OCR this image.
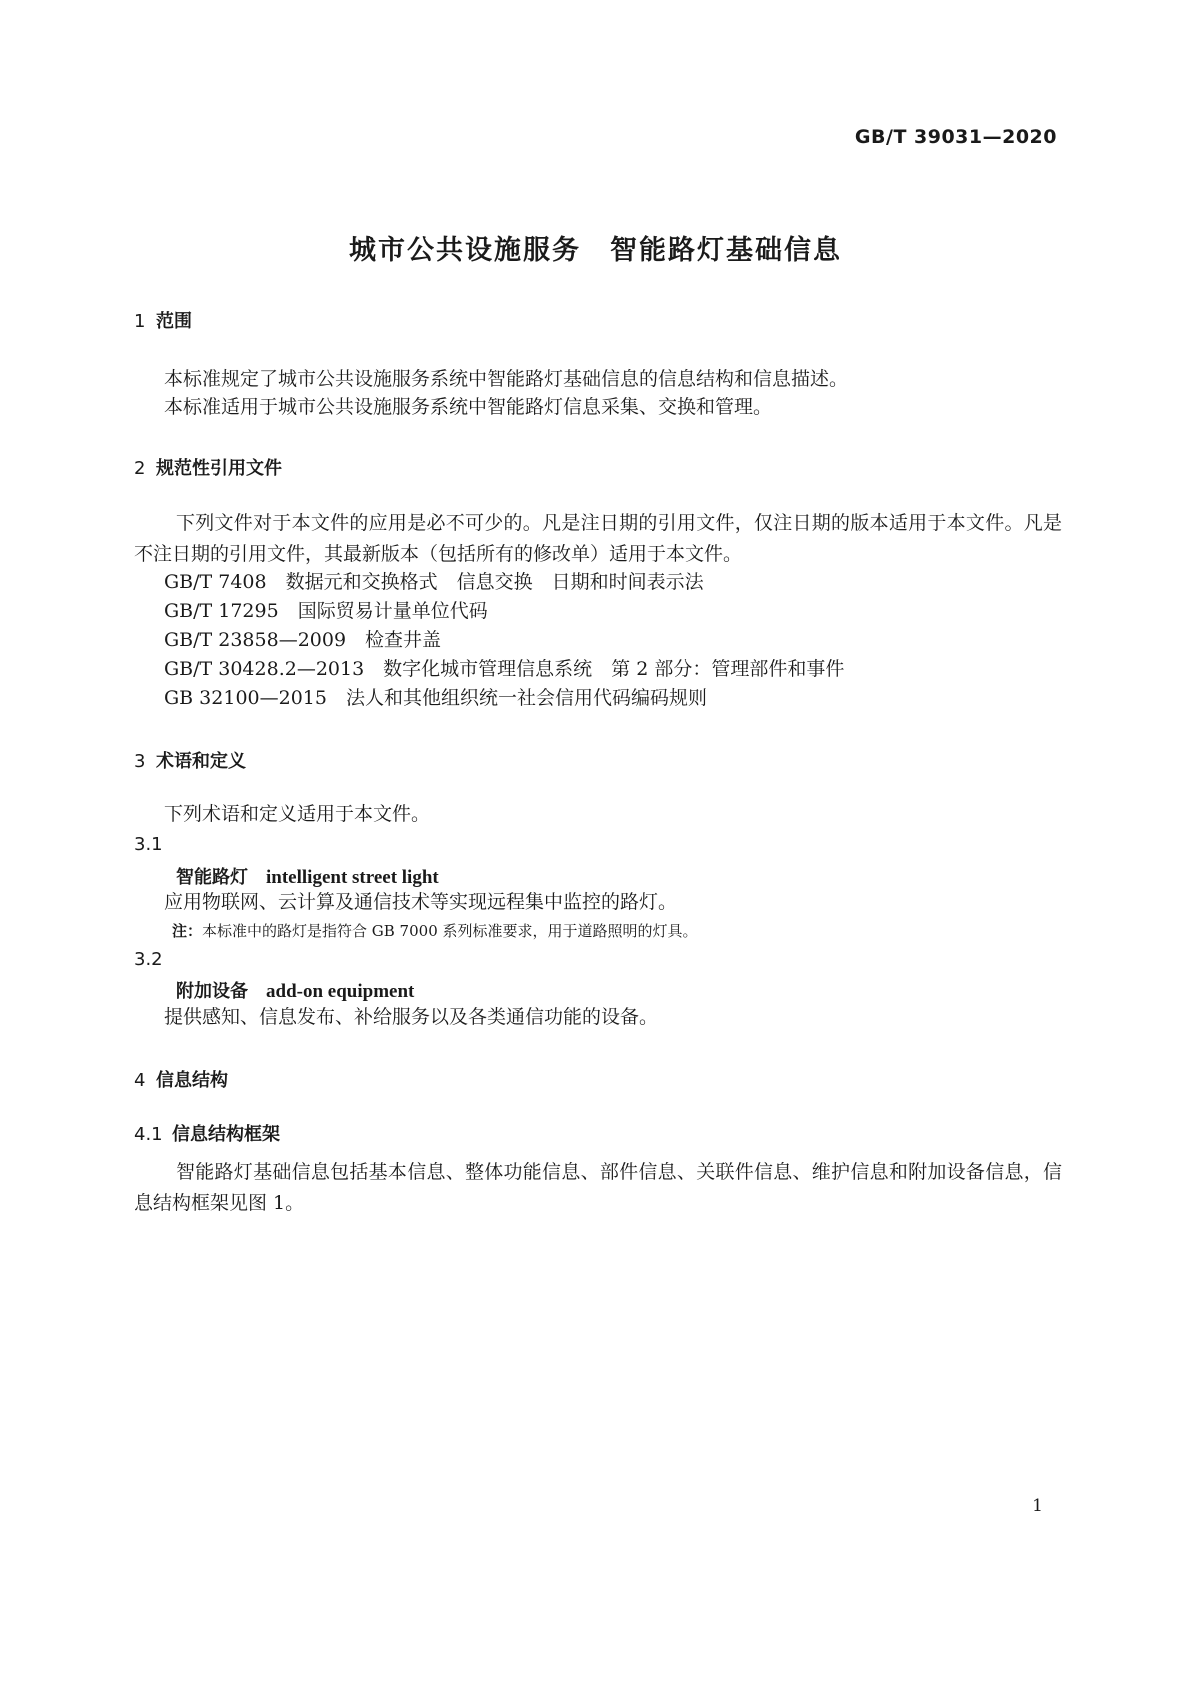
GB/T 39031—2020
城市公共设施服务　智能路灯基础信息
1 范围
本标准规定了城市公共设施服务系统中智能路灯基础信息的信息结构和信息描述。
本标准适用于城市公共设施服务系统中智能路灯信息采集、交换和管理。
2 规范性引用文件
下列文件对于本文件的应用是必不可少的。凡是注日期的引用文件，仅注日期的版本适用于本文件。凡是不注日期的引用文件，其最新版本（包括所有的修改单）适用于本文件。
GB/T 7408　数据元和交换格式　信息交换　日期和时间表示法
GB/T 17295　国际贸易计量单位代码
GB/T 23858—2009　检查井盖
GB/T 30428.2—2013　数字化城市管理信息系统　第 2 部分：管理部件和事件
GB 32100—2015　法人和其他组织统一社会信用代码编码规则
3 术语和定义
下列术语和定义适用于本文件。
3.1
智能路灯　 intelligent street light
应用物联网、云计算及通信技术等实现远程集中监控的路灯。
注：本标准中的路灯是指符合 GB 7000 系列标准要求，用于道路照明的灯具。
3.2
附加设备　 add-on equipment
提供感知、信息发布、补给服务以及各类通信功能的设备。
4 信息结构
4.1 信息结构框架
智能路灯基础信息包括基本信息、整体功能信息、部件信息、关联件信息、维护信息和附加设备信息，信息结构框架见图 1。
1
